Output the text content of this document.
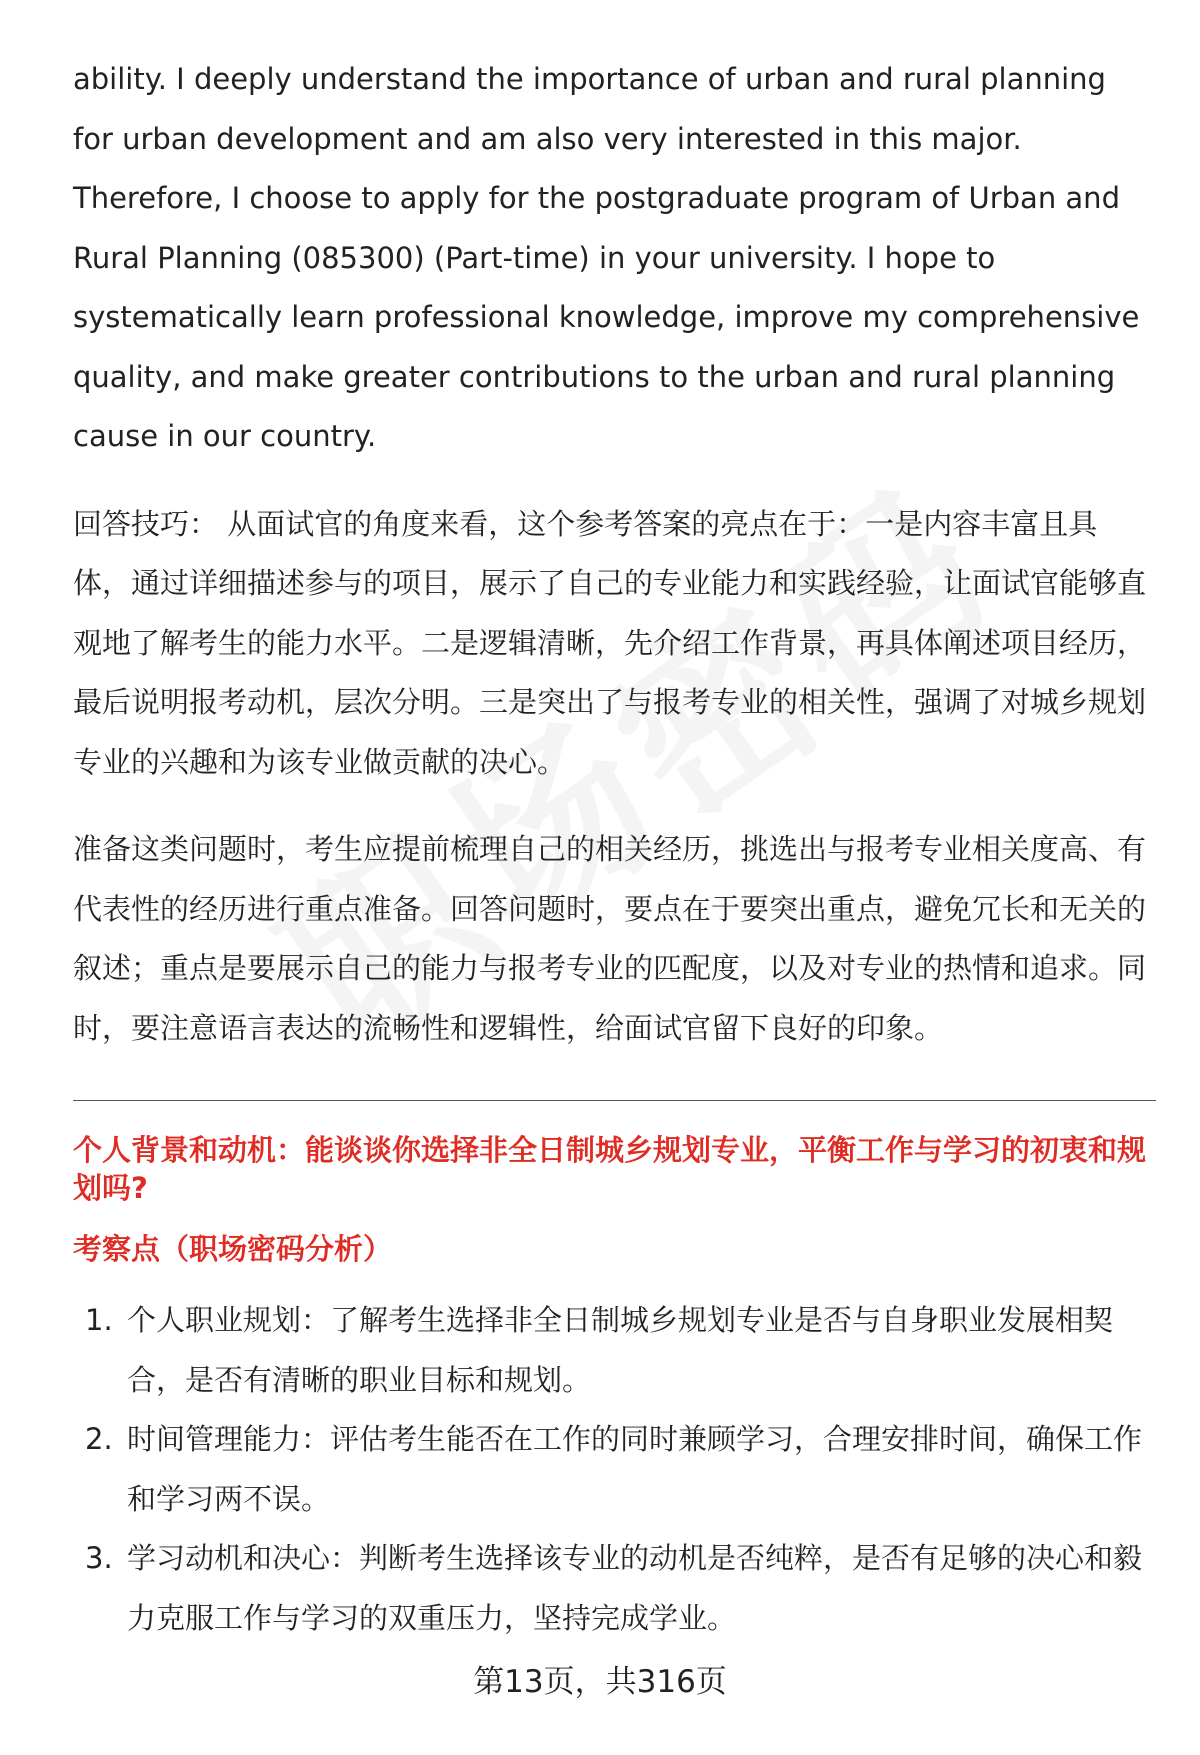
ability. I deeply understand the importance of urban and rural planning for urban development and am also very interested in this major. Therefore, I choose to apply for the postgraduate program of Urban and Rural Planning (085300) (Part-time) in your university. I hope to systematically learn professional knowledge, improve my comprehensive quality, and make greater contributions to the urban and rural planning cause in our country.

回答技巧： 从面试官的角度来看，这个参考答案的亮点在于：一是内容丰富且具体，通过详细描述参与的项目，展示了自己的专业能力和实践经验，让面试官能够直观地了解考生的能力水平。二是逻辑清晰，先介绍工作背景，再具体阐述项目经历，最后说明报考动机，层次分明。三是突出了与报考专业的相关性，强调了对城乡规划专业的兴趣和为该专业做贡献的决心。

准备这类问题时，考生应提前梳理自己的相关经历，挑选出与报考专业相关度高、有代表性的经历进行重点准备。回答问题时，要点在于要突出重点，避免冗长和无关的叙述；重点是要展示自己的能力与报考专业的匹配度，以及对专业的热情和追求。同时，要注意语言表达的流畅性和逻辑性，给面试官留下良好的印象。

个人背景和动机：能谈谈你选择非全日制城乡规划专业，平衡工作与学习的初衷和规划吗?

考察点（职场密码分析）

1. 个人职业规划：了解考生选择非全日制城乡规划专业是否与自身职业发展相契合，是否有清晰的职业目标和规划。
2. 时间管理能力：评估考生能否在工作的同时兼顾学习，合理安排时间，确保工作和学习两不误。
3. 学习动机和决心：判断考生选择该专业的动机是否纯粹，是否有足够的决心和毅力克服工作与学习的双重压力，坚持完成学业。
第13页，共316页
